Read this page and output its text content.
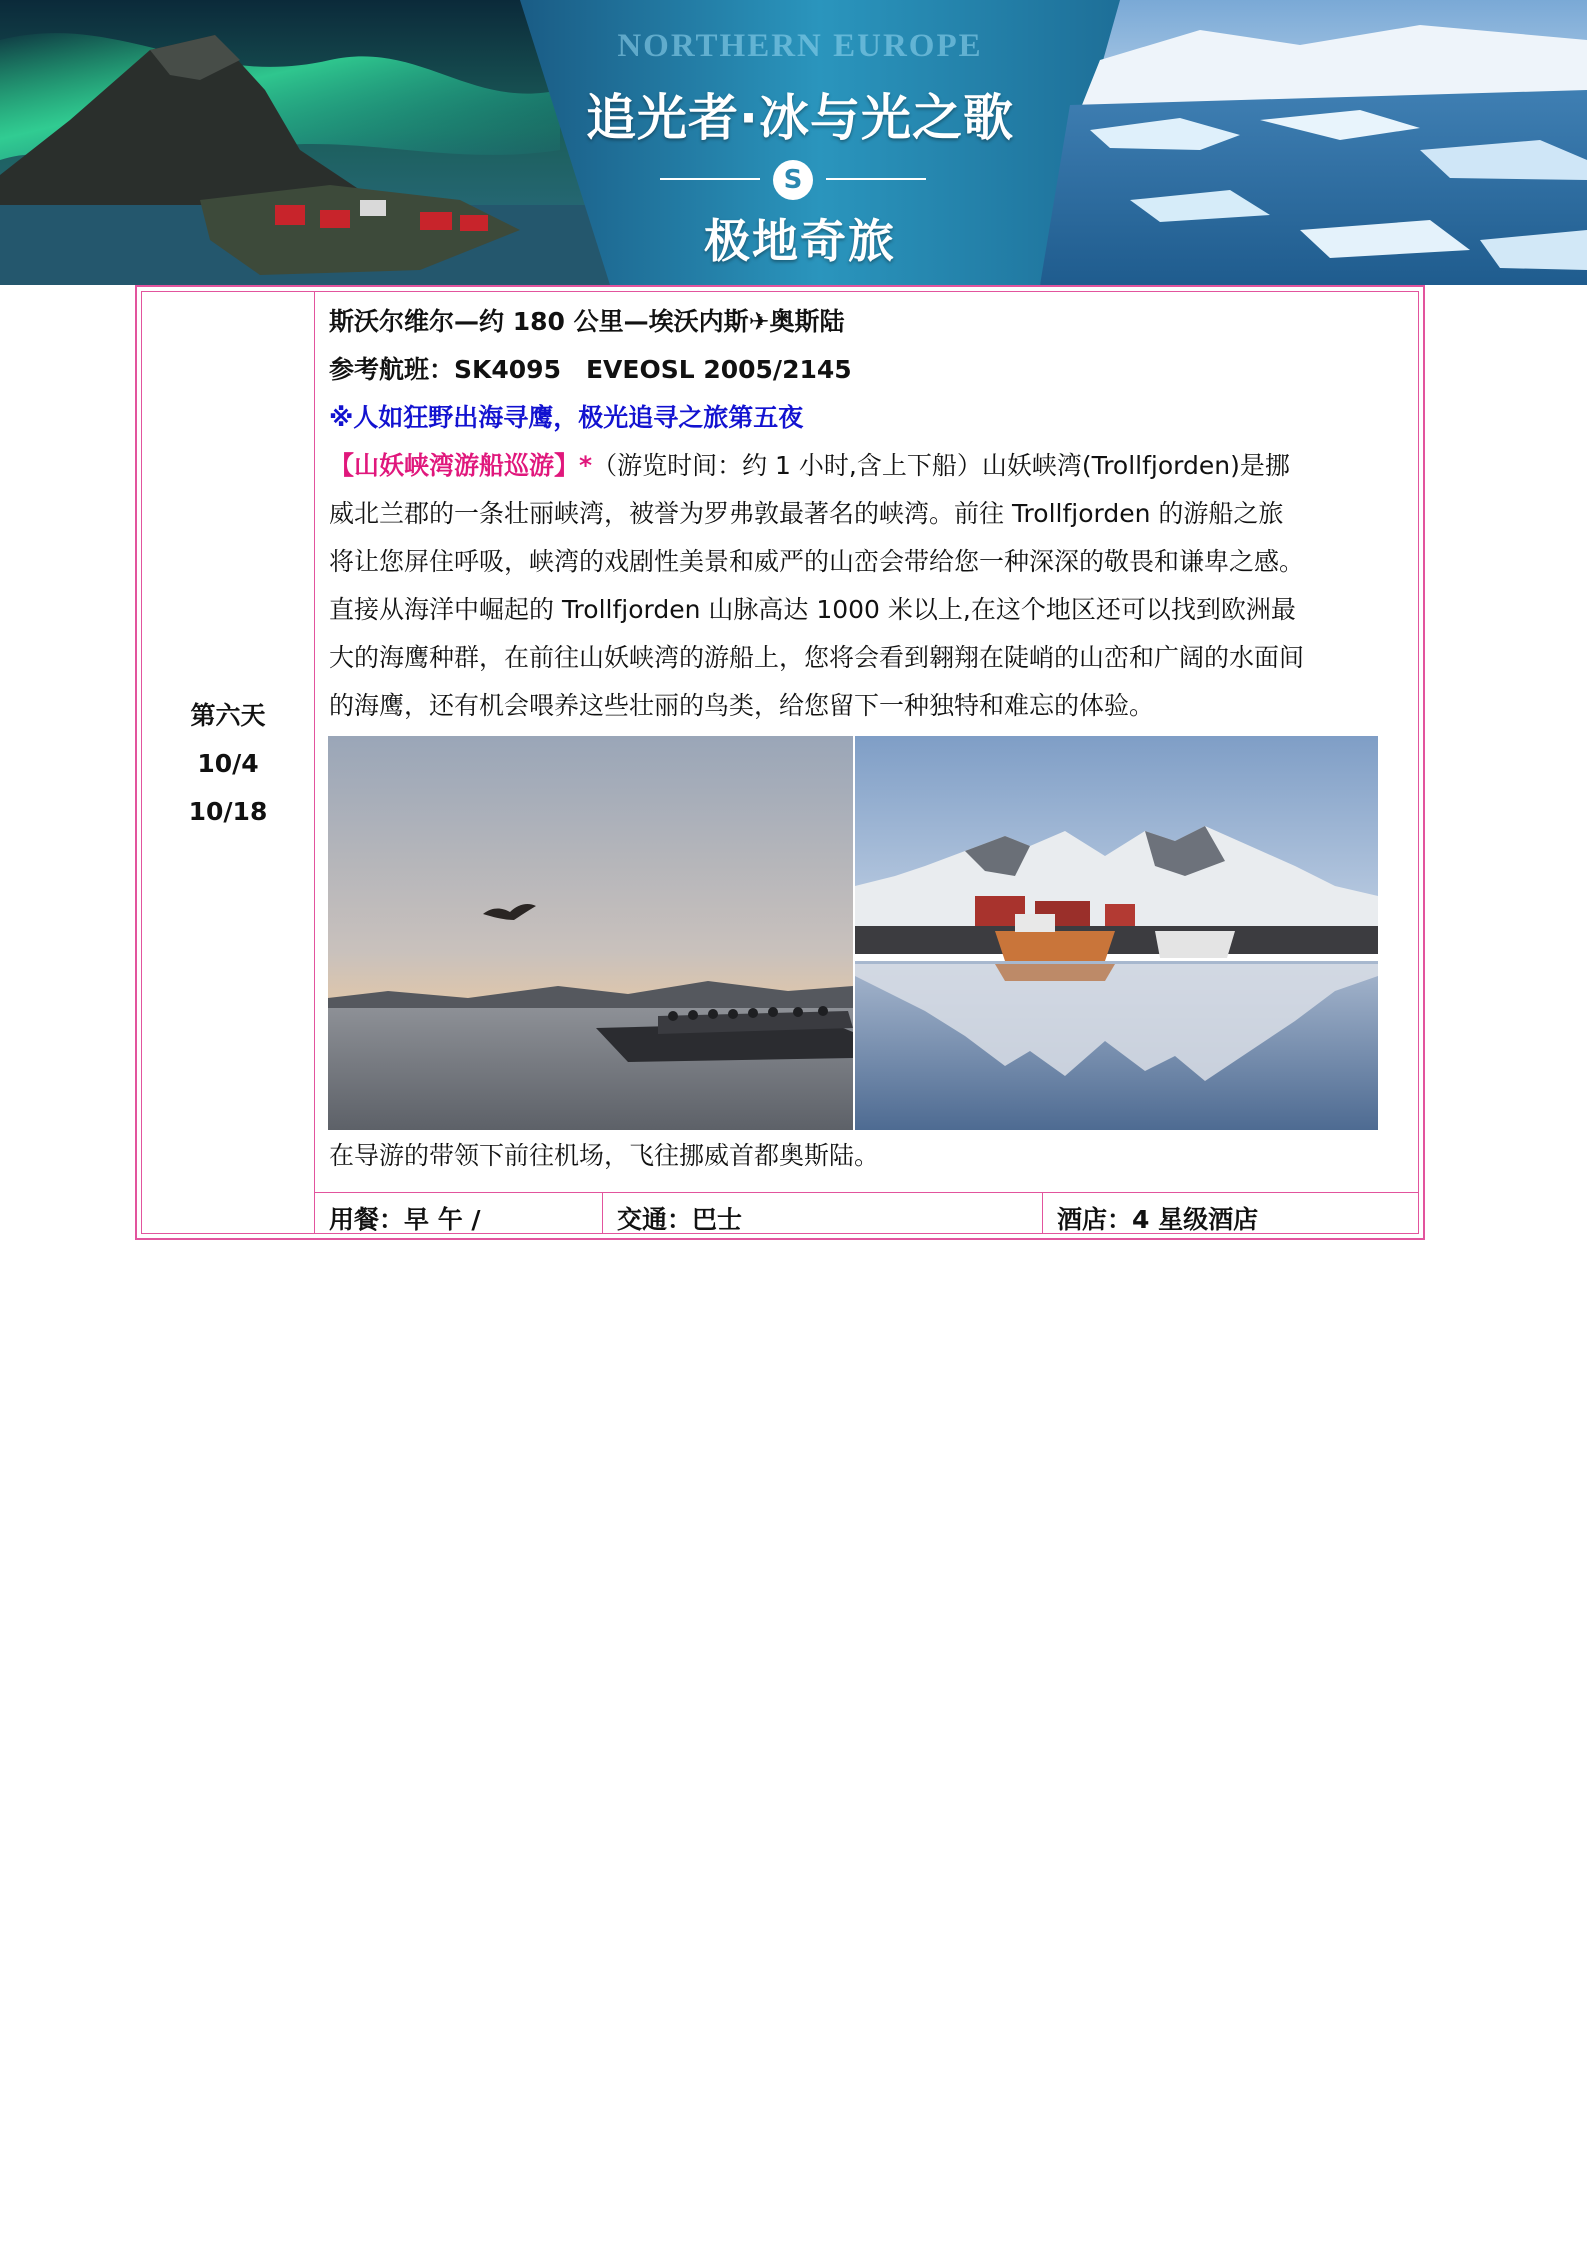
NORTHERN EUROPE
追光者·冰与光之歌
S
极地奇旅
第六天
10/4
10/18
斯沃尔维尔—约 180 公里—埃沃内斯✈奥斯陆
参考航班：SK4095　EVEOSL 2005/2145
※人如狂野出海寻鹰，极光追寻之旅第五夜
【山妖峡湾游船巡游】*（游览时间：约 1 小时,含上下船）山妖峡湾(Trollfjorden)是挪
威北兰郡的一条壮丽峡湾，被誉为罗弗敦最著名的峡湾。前往 Trollfjorden 的游船之旅
将让您屏住呼吸，峡湾的戏剧性美景和威严的山峦会带给您一种深深的敬畏和谦卑之感。
直接从海洋中崛起的 Trollfjorden 山脉高达 1000 米以上,在这个地区还可以找到欧洲最
大的海鹰种群，在前往山妖峡湾的游船上，您将会看到翱翔在陡峭的山峦和广阔的水面间
的海鹰，还有机会喂养这些壮丽的鸟类，给您留下一种独特和难忘的体验。
在导游的带领下前往机场，飞往挪威首都奥斯陆。
用餐：早 午 /	交通：巴士	酒店：4 星级酒店
